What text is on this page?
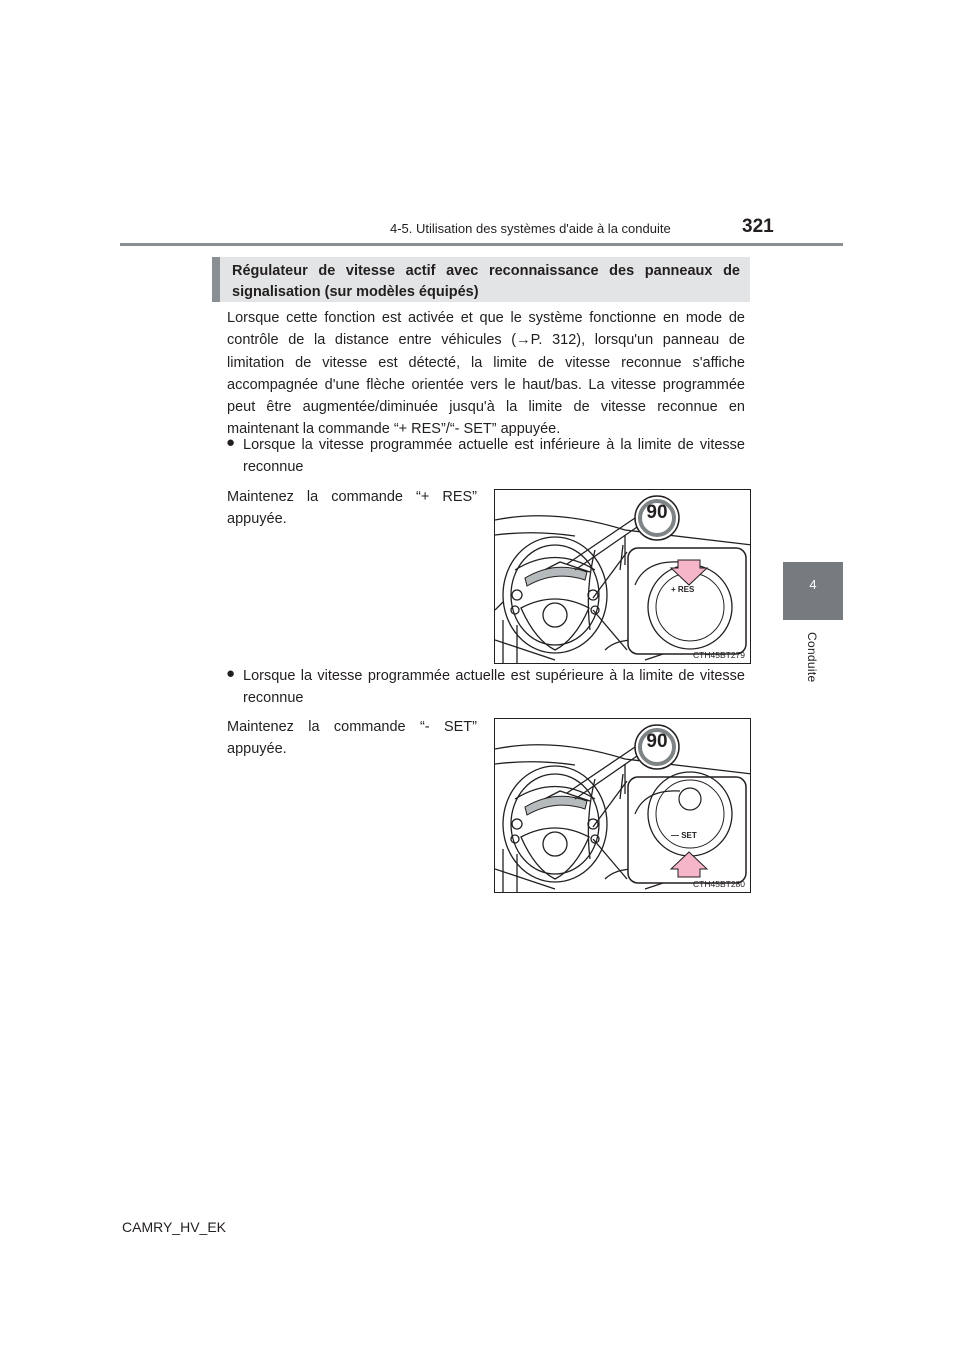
4-5. Utilisation des systèmes d'aide à la conduite	321
4
Conduite
Régulateur de vitesse actif avec reconnaissance des panneaux de signalisation (sur modèles équipés)

Lorsque cette fonction est activée et que le système fonctionne en mode de contrôle de la distance entre véhicules (→P. 312), lorsqu'un panneau de limitation de vitesse est détecté, la limite de vitesse reconnue s'affiche accompagnée d'une flèche orientée vers le haut/bas. La vitesse programmée peut être augmentée/diminuée jusqu'à la limite de vitesse reconnue en maintenant la commande “+ RES”/“- SET” appuyée.

● Lorsque la vitesse programmée actuelle est inférieure à la limite de vitesse reconnue

Maintenez la commande “+ RES” appuyée.	90
+ RES
CTH45BT279
● Lorsque la vitesse programmée actuelle est supérieure à la limite de vitesse reconnue

Maintenez la commande “- SET” appuyée.	90
— SET
CTH45BT280
CAMRY_HV_EK
